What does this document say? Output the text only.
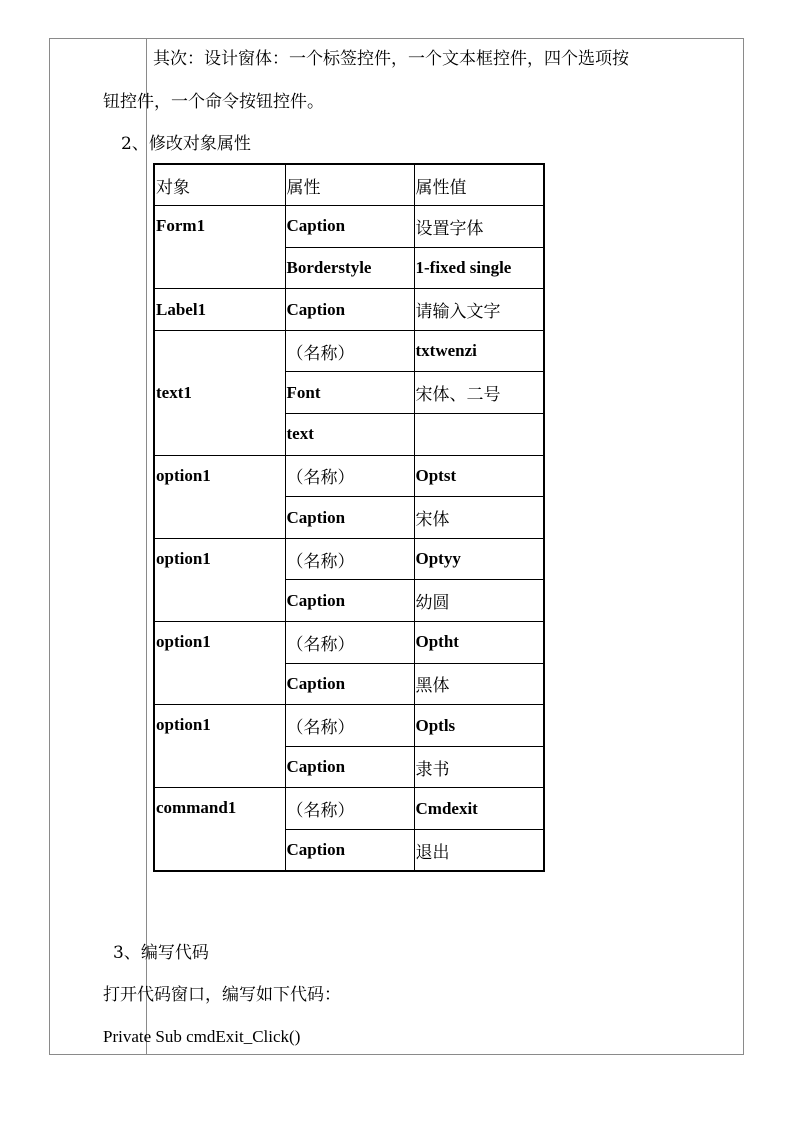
其次：设计窗体：一个标签控件，一个文本框控件，四个选项按
钮控件，一个命令按钮控件。
2、修改对象属性
对象	属性	属性值
Form1	Caption	设置字体
	Borderstyle	1-fixed single
Label1	Caption	请输入文字
text1	（名称）	txtwenzi
	Font	宋体、二号
	text	
option1	（名称）	Optst
	Caption	宋体
option1	（名称）	Optyy
	Caption	幼圆
option1	（名称）	Optht
	Caption	黑体
option1	（名称）	Optls
	Caption	隶书
command1	（名称）	Cmdexit
	Caption	退出
3、编写代码
打开代码窗口，编写如下代码：
Private Sub cmdExit_Click()
